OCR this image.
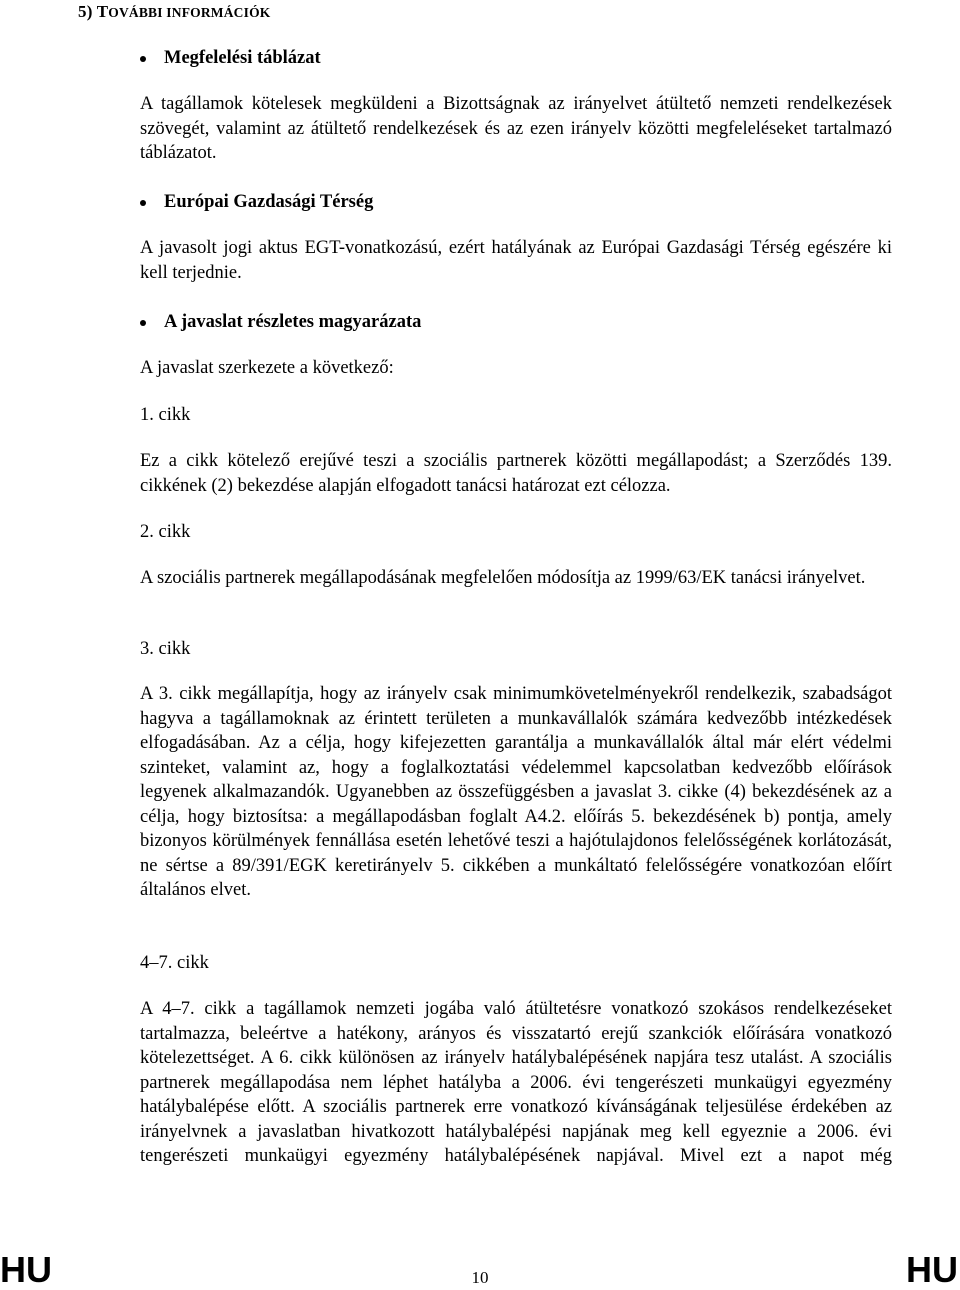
5) TOVÁBBI INFORMÁCIÓK
Megfelelési táblázat
A tagállamok kötelesek megküldeni a Bizottságnak az irányelvet átültető nemzeti rendelkezések szövegét, valamint az átültető rendelkezések és az ezen irányelv közötti megfeleléseket tartalmazó táblázatot.
Európai Gazdasági Térség
A javasolt jogi aktus EGT-vonatkozású, ezért hatályának az Európai Gazdasági Térség egészére ki kell terjednie.
A javaslat részletes magyarázata
A javaslat szerkezete a következő:
1. cikk
Ez a cikk kötelező erejűvé teszi a szociális partnerek közötti megállapodást; a Szerződés 139. cikkének (2) bekezdése alapján elfogadott tanácsi határozat ezt célozza.
2. cikk
A szociális partnerek megállapodásának megfelelően módosítja az 1999/63/EK tanácsi irányelvet.
3. cikk
A 3. cikk megállapítja, hogy az irányelv csak minimumkövetelményekről rendelkezik, szabadságot hagyva a tagállamoknak az érintett területen a munkavállalók számára kedvezőbb intézkedések elfogadásában. Az a célja, hogy kifejezetten garantálja a munkavállalók által már elért védelmi szinteket, valamint az, hogy a foglalkoztatási védelemmel kapcsolatban kedvezőbb előírások legyenek alkalmazandók. Ugyanebben az összefüggésben a javaslat 3. cikke (4) bekezdésének az a célja, hogy biztosítsa: a megállapodásban foglalt A4.2. előírás 5. bekezdésének b) pontja, amely bizonyos körülmények fennállása esetén lehetővé teszi a hajótulajdonos felelősségének korlátozását, ne sértse a 89/391/EGK keretirányelv 5. cikkében a munkáltató felelősségére vonatkozóan előírt általános elvet.
4–7. cikk
A 4–7. cikk a tagállamok nemzeti jogába való átültetésre vonatkozó szokásos rendelkezéseket tartalmazza, beleértve a hatékony, arányos és visszatartó erejű szankciók előírására vonatkozó kötelezettséget. A 6. cikk különösen az irányelv hatálybalépésének napjára tesz utalást. A szociális partnerek megállapodása nem léphet hatályba a 2006. évi tengerészeti munkaügyi egyezmény hatálybalépése előtt. A szociális partnerek erre vonatkozó kívánságának teljesülése érdekében az irányelvnek a javaslatban hivatkozott hatálybalépési napjának meg kell egyeznie a 2006. évi tengerészeti munkaügyi egyezmény hatálybalépésének napjával. Mivel ezt a napot még
HU	10	HU
